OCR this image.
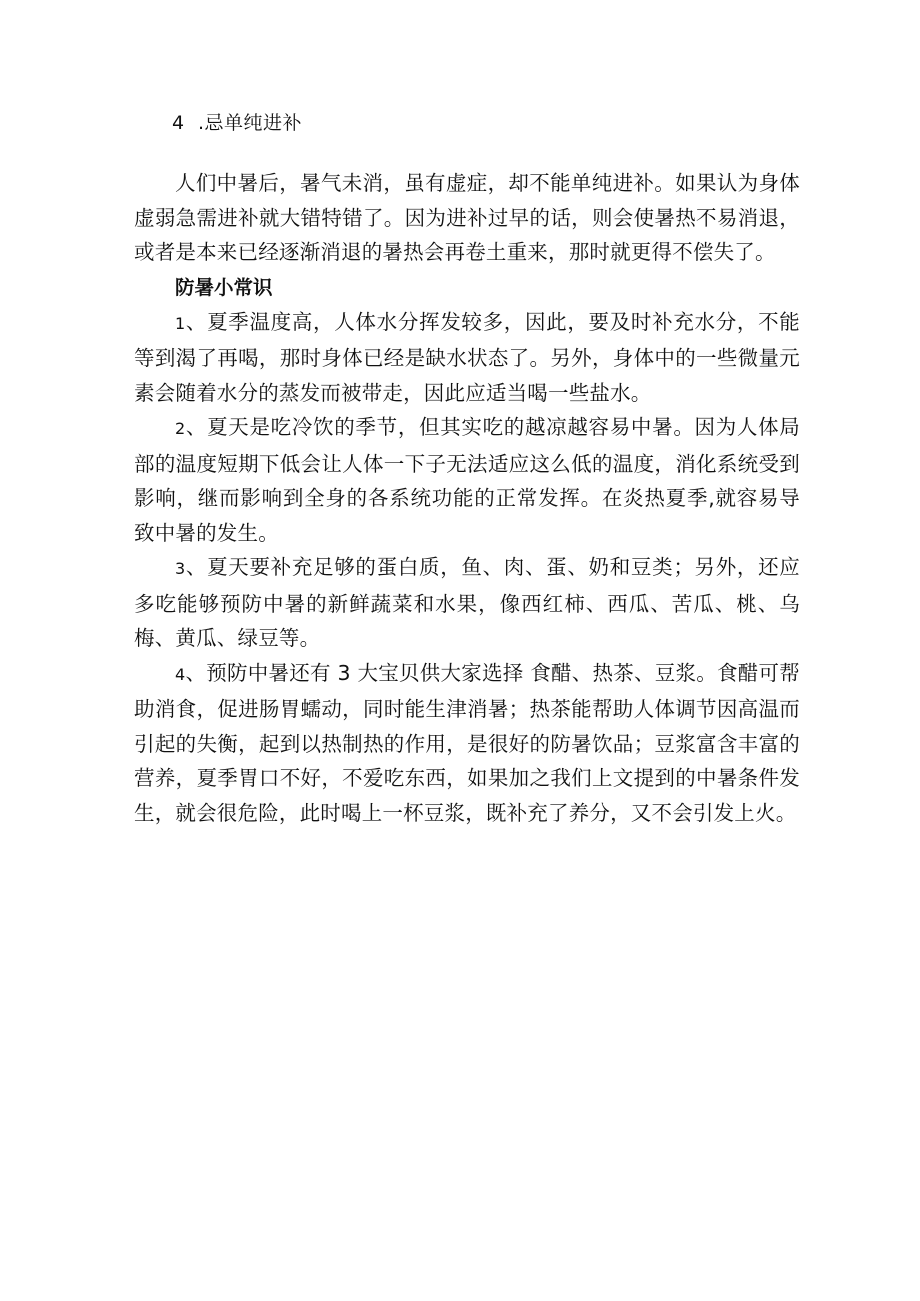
4 .忌单纯进补

人们中暑后，暑气未消，虽有虚症，却不能单纯进补。如果认为身体虚弱急需进补就大错特错了。因为进补过早的话，则会使暑热不易消退，或者是本来已经逐渐消退的暑热会再卷土重来，那时就更得不偿失了。

防暑小常识

1、夏季温度高，人体水分挥发较多，因此，要及时补充水分，不能等到渴了再喝，那时身体已经是缺水状态了。另外，身体中的一些微量元素会随着水分的蒸发而被带走，因此应适当喝一些盐水。

2、夏天是吃冷饮的季节，但其实吃的越凉越容易中暑。因为人体局部的温度短期下低会让人体一下子无法适应这么低的温度，消化系统受到影响，继而影响到全身的各系统功能的正常发挥。在炎热夏季,就容易导致中暑的发生。

3、夏天要补充足够的蛋白质，鱼、肉、蛋、奶和豆类；另外，还应多吃能够预防中暑的新鲜蔬菜和水果，像西红柿、西瓜、苦瓜、桃、乌梅、黄瓜、绿豆等。

4、预防中暑还有 3 大宝贝供大家选择 食醋、热茶、豆浆。食醋可帮助消食，促进肠胃蠕动，同时能生津消暑；热茶能帮助人体调节因高温而引起的失衡，起到以热制热的作用，是很好的防暑饮品；豆浆富含丰富的营养，夏季胃口不好，不爱吃东西，如果加之我们上文提到的中暑条件发生，就会很危险，此时喝上一杯豆浆，既补充了养分，又不会引发上火。
